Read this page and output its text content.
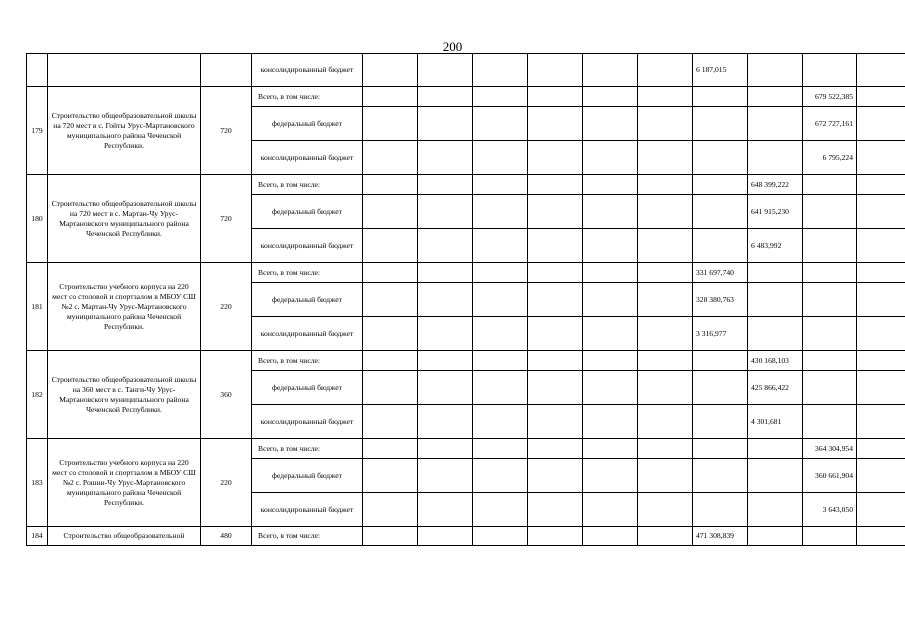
200
			консолидированный бюджет							6 187,015			
179	Строительство общеобразовательной школы на 720 мест в с. Гойты Урус-Мартановского муниципального района Чеченской Республики.	720	Всего, в том числе:									679 522,385	
			федеральный бюджет									672 727,161	
			консолидированный бюджет									6 795,224	
180	Строительство общеобразовательной школы на 720 мест в с. Мартан-Чу Урус-Мартановского муниципального района Чеченской Республики.	720	Всего, в том числе:								648 399,222		
			федеральный бюджет								641 915,230		
			консолидированный бюджет								6 483,992		
181	Строительство учебного корпуса на 220 мест со столовой и спортзалом в МБОУ СШ №2 с. Мартан-Чу Урус-Мартановского муниципального района Чеченской Республики.	220	Всего, в том числе:							331 697,740			
			федеральный бюджет							328 380,763			
			консолидированный бюджет							3 316,977			
182	Строительство общеобразовательной школы на 360 мест в с. Танги-Чу Урус-Мартановского муниципального района Чеченской Республики.	360	Всего, в том числе:								430 168,103		
			федеральный бюджет								425 866,422		
			консолидированный бюджет								4 301,681		
183	Строительство учебного корпуса на 220 мест со столовой и спортзалом в МБОУ СШ №2 с. Рошни-Чу Урус-Мартановского муниципального района Чеченской Республики.	220	Всего, в том числе:									364 304,954	
			федеральный бюджет									360 661,904	
			консолидированный бюджет									3 643,050	
184	Строительство общеобразовательной	480	Всего, в том числе:							471 308,839			
